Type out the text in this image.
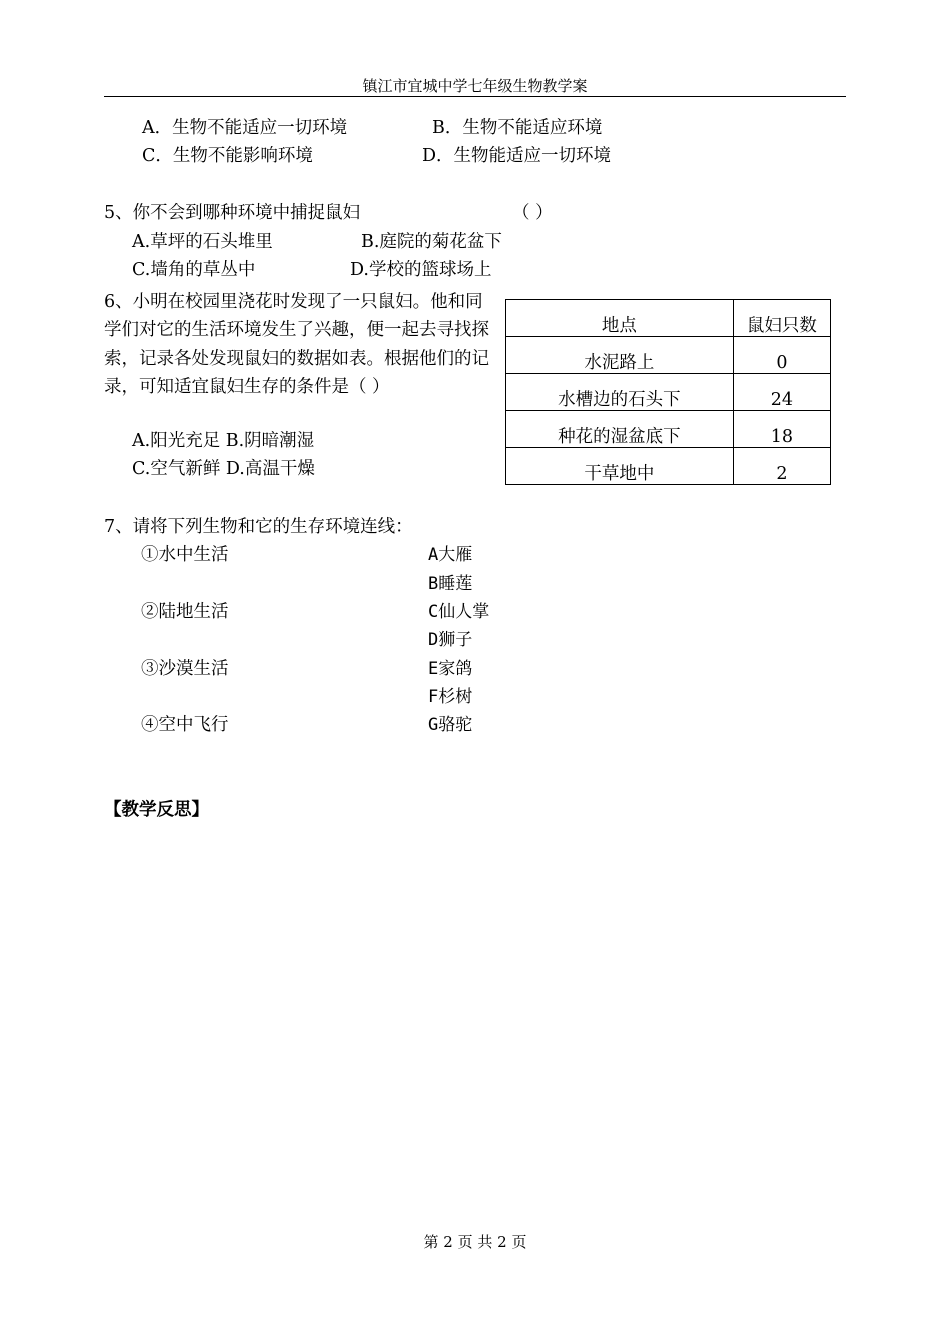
镇江市宜城中学七年级生物教学案
A．生物不能适应一切环境	B．生物不能适应环境
C．生物不能影响环境	D．生物能适应一切环境
5、你不会到哪种环境中捕捉鼠妇	（ ）
A.草坪的石头堆里	B.庭院的菊花盆下
C.墙角的草丛中	D.学校的篮球场上
6、小明在校园里浇花时发现了一只鼠妇。他和同学们对它的生活环境发生了兴趣，便一起去寻找探索，记录各处发现鼠妇的数据如表。根据他们的记录，可知适宜鼠妇生存的条件是（ ）
A.阳光充足 B.阴暗潮湿
C.空气新鲜 D.高温干燥
地点	鼠妇只数
水泥路上	0
水槽边的石头下	24
种花的湿盆底下	18
干草地中	2
7、请将下列生物和它的生存环境连线：
①水中生活
②陆地生活
③沙漠生活
④空中飞行
A大雁
B睡莲
C仙人掌
D狮子
E家鸽
F杉树
G骆驼
【教学反思】
第 2 页 共 2 页
